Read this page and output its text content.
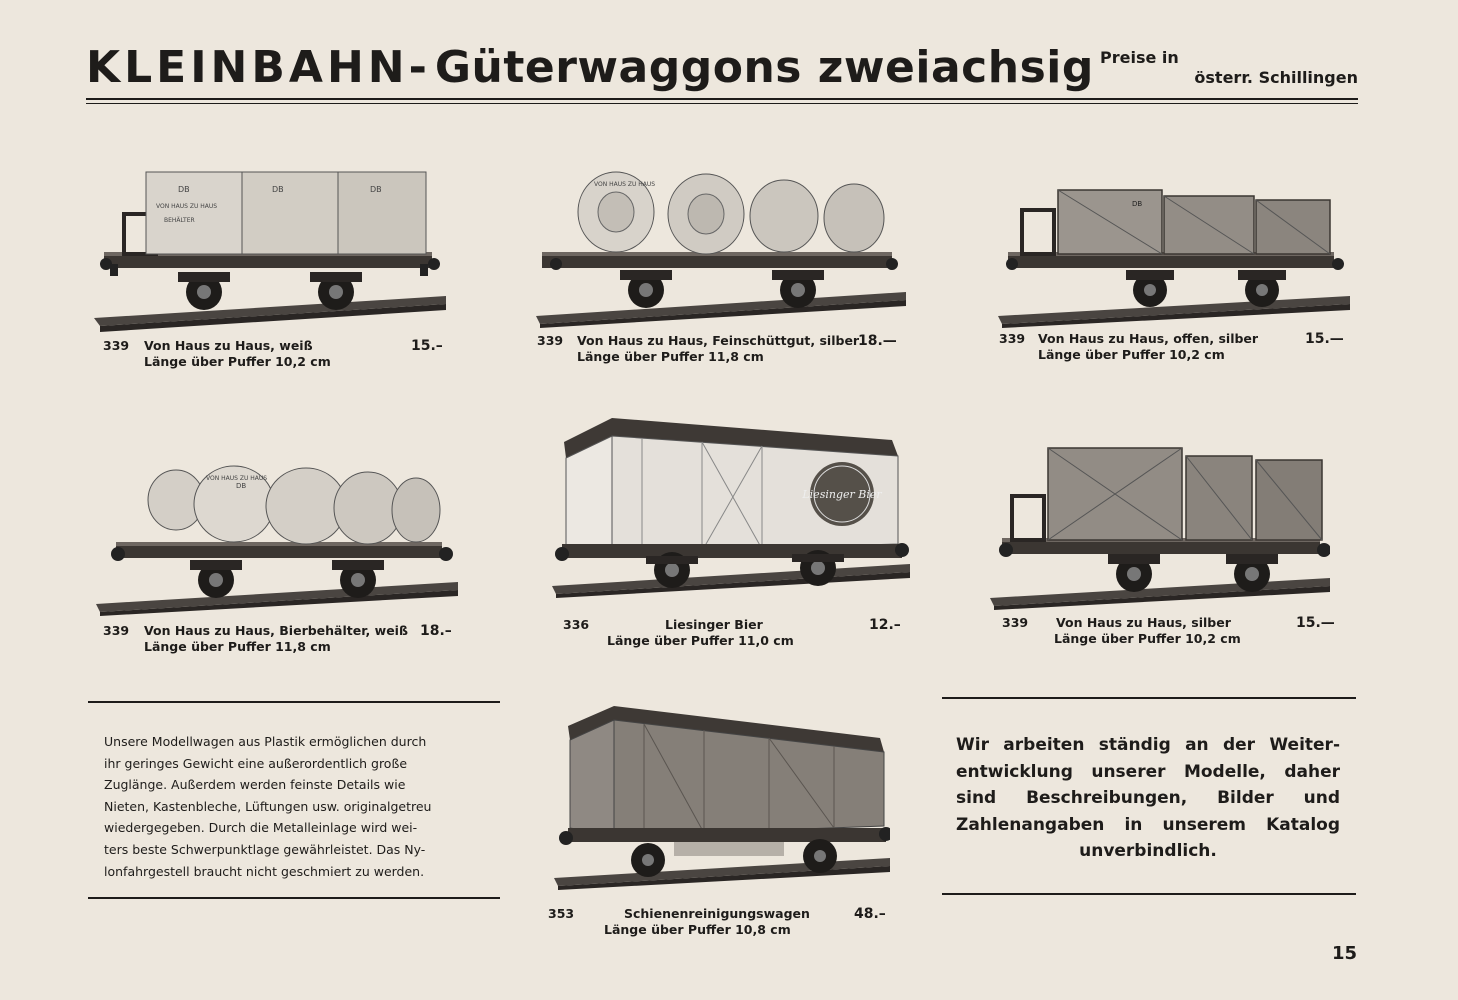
KLEINBAHN- Güterwaggons zweiachsig Preise in
österr. Schillingen
DB
VON HAUS ZU HAUS
BEHÄLTER
DB	DB
339 Von Haus zu Haus, weiß
Länge über Puffer 10,2 cm
15.–
VON HAUS ZU HAUS
339 Von Haus zu Haus, Feinschüttgut, silber
Länge über Puffer 11,8 cm
18.—
DB
339 Von Haus zu Haus, offen, silber
Länge über Puffer 10,2 cm
15.—
VON HAUS ZU HAUS
DB
339 Von Haus zu Haus, Bierbehälter, weiß
Länge über Puffer 11,8 cm
18.–
Liesinger Bier
336	Liesinger Bier
Länge über Puffer 11,0 cm
12.–	339 Von Haus zu Haus, silber
Länge über Puffer 10,2 cm
15.—
353	Schienenreinigungswagen
Länge über Puffer 10,8 cm
48.–
Unsere Modellwagen aus Plastik ermöglichen durch
ihr geringes Gewicht eine außerordentlich große
Zuglänge. Außerdem werden feinste Details wie
Nieten, Kastenbleche, Lüftungen usw. originalgetreu
wiedergegeben. Durch die Metalleinlage wird wei-
ters beste Schwerpunktlage gewährleistet. Das Ny-
lonfahrgestell braucht nicht geschmiert zu werden.
Wir arbeiten ständig an der Weiter-
entwicklung unserer Modelle, daher
sind Beschreibungen, Bilder und
Zahlenangaben in unserem Katalog
unverbindlich.
15
